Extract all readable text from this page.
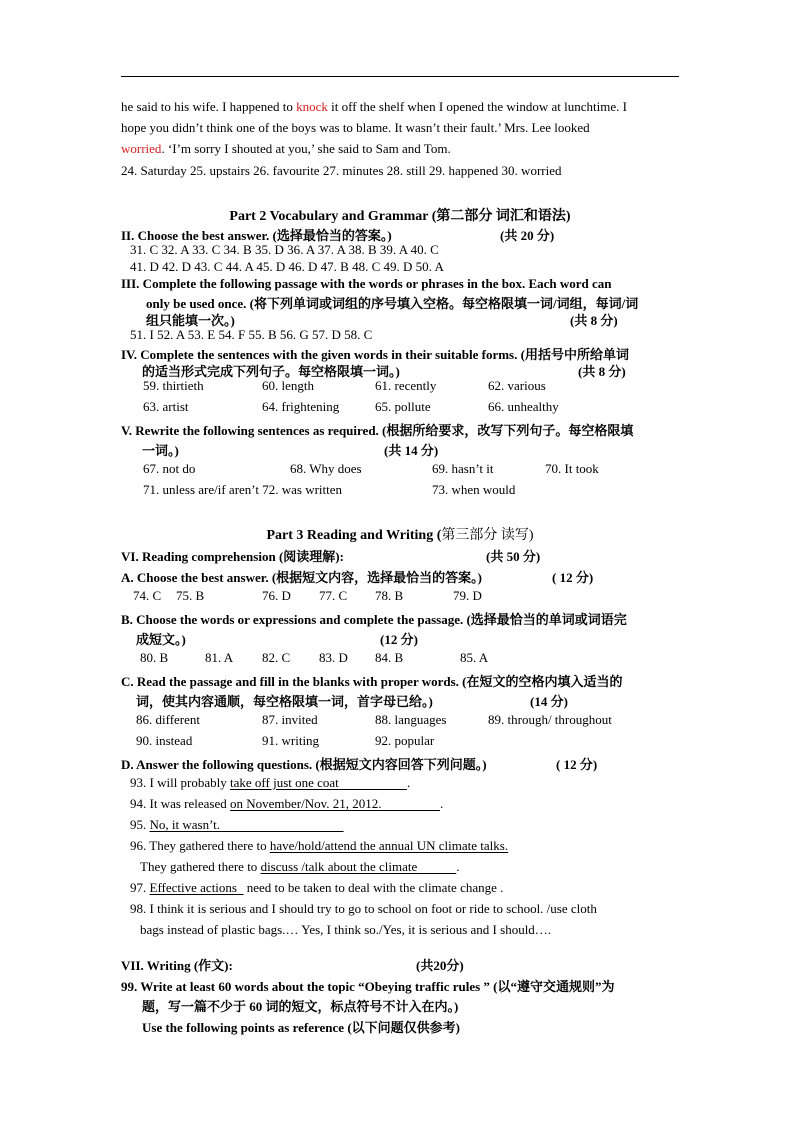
he said to his wife. I happened to knock it off the shelf when I opened the window at lunchtime. I
hope you didn’t think one of the boys was to blame. It wasn’t their fault.’ Mrs. Lee looked
worried. ‘I’m sorry I shouted at you,’ she said to Sam and Tom.
24. Saturday 25. upstairs 26. favourite 27. minutes 28. still 29. happened 30. worried
Part 2 Vocabulary and Grammar (第二部分 词汇和语法)
II. Choose the best answer. (选择最恰当的答案。)	(共 20 分)
31. C 32. A 33. C 34. B 35. D 36. A 37. A 38. B 39. A 40. C
41. D 42. D 43. C 44. A 45. D 46. D 47. B 48. C 49. D 50. A
III. Complete the following passage with the words or phrases in the box. Each word can
only be used once. (将下列单词或词组的序号填入空格。每空格限填一词/词组，每词/词
组只能填一次。)	(共 8 分)
51. I 52. A 53. E 54. F 55. B 56. G 57. D 58. C
IV. Complete the sentences with the given words in their suitable forms. (用括号中所给单词
的适当形式完成下列句子。每空格限填一词。)	(共 8 分)
59. thirtieth	60. length	61. recently	62. various
63. artist	64. frightening	65. pollute	66. unhealthy
V. Rewrite the following sentences as required. (根据所给要求，改写下列句子。每空格限填
一词。)	(共 14 分)
67. not do	68. Why does	69. hasn’t it	70. It took
71. unless are/if aren’t 72. was written	73. when would
Part 3 Reading and Writing (第三部分 读写)
VI. Reading comprehension (阅读理解):	(共 50 分)
A. Choose the best answer. (根据短文内容，选择最恰当的答案。)	( 12 分)
74. C 75. B	76. D 77. C 78. B	79. D
B. Choose the words or expressions and complete the passage. (选择最恰当的单词或词语完
成短文。)	(12 分)
80. B	81. A 82. C 83. D 84. B	85. A
C. Read the passage and fill in the blanks with proper words. (在短文的空格内填入适当的
词，使其内容通顺，每空格限填一词，首字母已给。)	(14 分)
86. different	87. invited	88. languages	89. through/ throughout
90. instead	91. writing	92. popular
D. Answer the following questions. (根据短文内容回答下列问题。)	( 12 分)
93. I will probably take off just one coat​                     .
94. It was released on November/Nov. 21, 2012.​                  .
95. No, it wasn’t.​
96. They gathered there to have/hold/attend the annual UN climate talks.
They gathered there to discuss /talk about the climate​            .
97. Effective actions​   need to be taken to deal with the climate change .
98. I think it is serious and I should try to go to school on foot or ride to school. /use cloth
bags instead of plastic bags.… Yes, I think so./Yes, it is serious and I should….
VII. Writing (作文):	(共20分)
99. Write at least 60 words about the topic “Obeying traffic rules ” (以“遵守交通规则”为
题，写一篇不少于 60 词的短文，标点符号不计入在内。)
Use the following points as reference (以下问题仅供参考)
